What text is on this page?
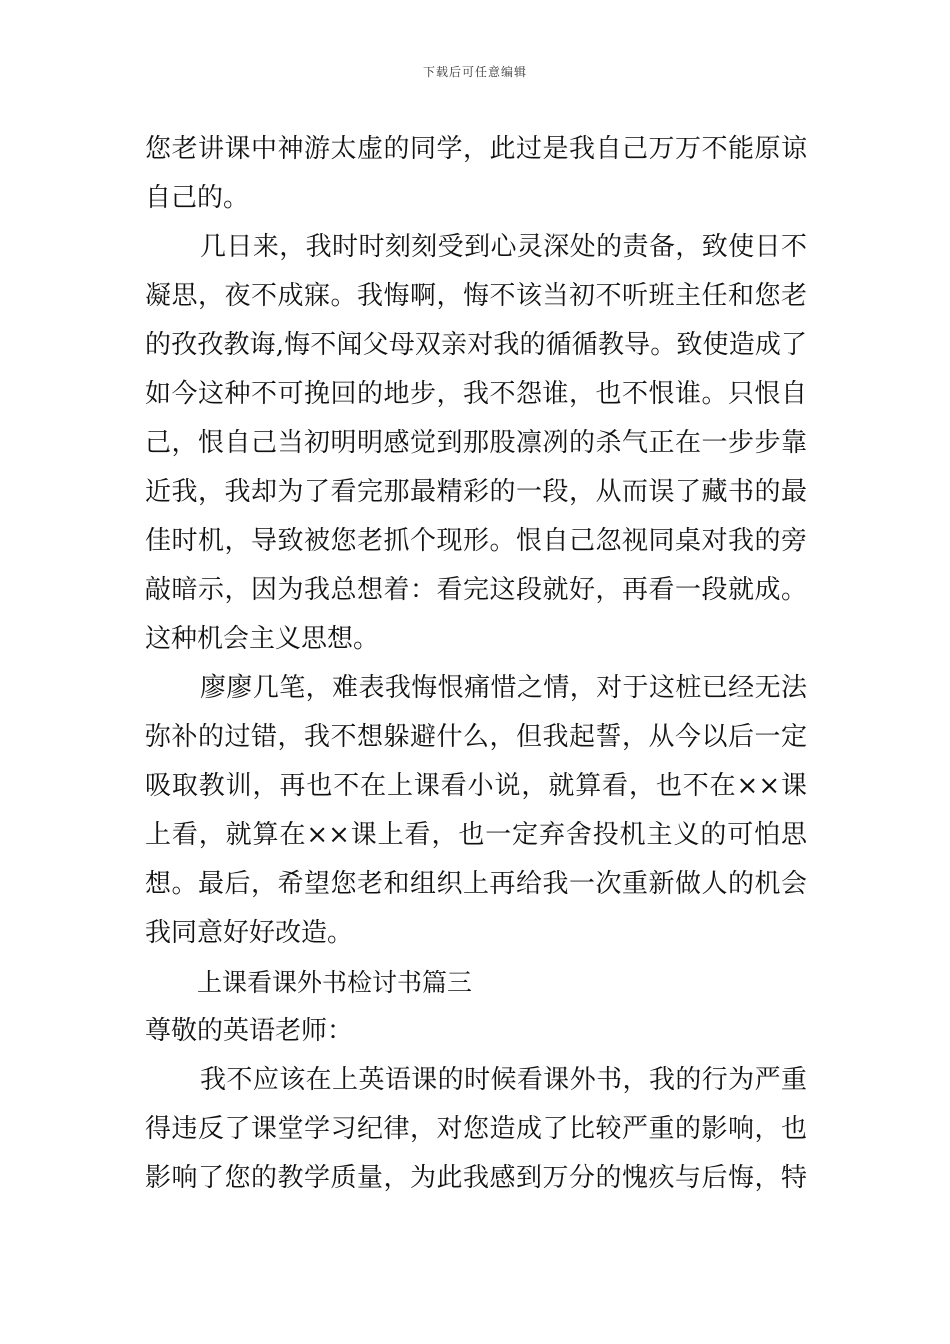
下载后可任意编辑
您老讲课中神游太虚的同学，此过是我自己万万不能原谅
自己的。
几日来，我时时刻刻受到心灵深处的责备，致使日不
凝思，夜不成寐。我悔啊，悔不该当初不听班主任和您老
的孜孜教诲,悔不闻父母双亲对我的循循教导。致使造成了
如今这种不可挽回的地步，我不怨谁，也不恨谁。只恨自
己，恨自己当初明明感觉到那股凛冽的杀气正在一步步靠
近我，我却为了看完那最精彩的一段，从而误了藏书的最
佳时机，导致被您老抓个现形。恨自己忽视同桌对我的旁
敲暗示，因为我总想着：看完这段就好，再看一段就成。
这种机会主义思想。
廖廖几笔，难表我悔恨痛惜之情，对于这桩已经无法
弥补的过错，我不想躲避什么，但我起誓，从今以后一定
吸取教训，再也不在上课看小说，就算看，也不在××课
上看，就算在××课上看，也一定弃舍投机主义的可怕思
想。最后，希望您老和组织上再给我一次重新做人的机会
我同意好好改造。
上课看课外书检讨书篇三
尊敬的英语老师：
我不应该在上英语课的时候看课外书，我的行为严重
得违反了课堂学习纪律，对您造成了比较严重的影响，也
影响了您的教学质量，为此我感到万分的愧疚与后悔，特
